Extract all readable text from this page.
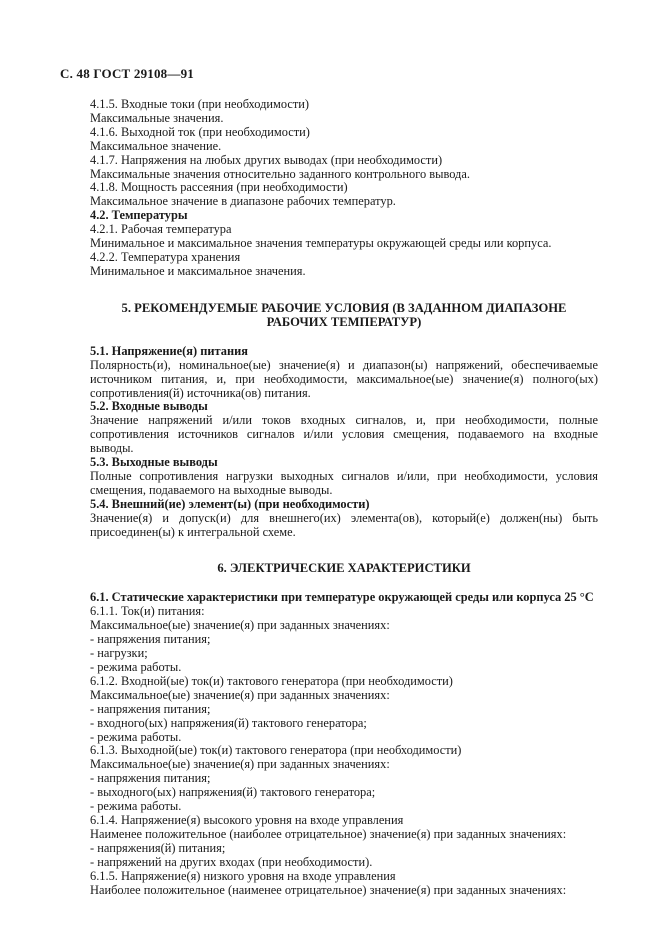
С. 48 ГОСТ 29108—91

4.1.5. Входные токи (при необходимости)

Максимальные значения.

4.1.6. Выходной ток (при необходимости)

Максимальное значение.

4.1.7. Напряжения на любых других выводах (при необходимости)

Максимальные значения относительно заданного контрольного вывода.

4.1.8. Мощность рассеяния (при необходимости)

Максимальное значение в диапазоне рабочих температур.

4.2. Температуры

4.2.1. Рабочая температура

Минимальное и максимальное значения температуры окружающей среды или корпуса.

4.2.2. Температура хранения

Минимальное и максимальное значения.

5. РЕКОМЕНДУЕМЫЕ РАБОЧИЕ УСЛОВИЯ (В ЗАДАННОМ ДИАПАЗОНЕ

РАБОЧИХ ТЕМПЕРАТУР)

5.1. Напряжение(я) питания

Полярность(и), номинальное(ые) значение(я) и диапазон(ы) напряжений, обеспечиваемые источником питания, и, при необходимости, максимальное(ые) значение(я) полного(ых) сопротивления(й) источника(ов) питания.

5.2. Входные выводы

Значение напряжений и/или токов входных сигналов, и, при необходимости, полные сопротивления источников сигналов и/или условия смещения, подаваемого на входные выводы.

5.3. Выходные выводы

Полные сопротивления нагрузки выходных сигналов и/или, при необходимости, условия смещения, подаваемого на выходные выводы.

5.4. Внешний(ие) элемент(ы) (при необходимости)

Значение(я) и допуск(и) для внешнего(их) элемента(ов), который(е) должен(ны) быть присоединен(ы) к интегральной схеме.

6. ЭЛЕКТРИЧЕСКИЕ ХАРАКТЕРИСТИКИ

6.1. Статические характеристики при температуре окружающей среды или корпуса 25 °С

6.1.1. Ток(и) питания:

Максимальное(ые) значение(я) при заданных значениях:

- напряжения питания;

- нагрузки;

- режима работы.

6.1.2. Входной(ые) ток(и) тактового генератора (при необходимости)

Максимальное(ые) значение(я) при заданных значениях:

- напряжения питания;

- входного(ых) напряжения(й) тактового генератора;

- режима работы.

6.1.3. Выходной(ые) ток(и) тактового генератора (при необходимости)

Максимальное(ые) значение(я) при заданных значениях:

- напряжения питания;

- выходного(ых) напряжения(й) тактового генератора;

- режима работы.

6.1.4. Напряжение(я) высокого уровня на входе управления

Наименее положительное (наиболее отрицательное) значение(я) при заданных значениях:

- напряжения(й) питания;

- напряжений на других входах (при необходимости).

6.1.5. Напряжение(я) низкого уровня на входе управления

Наиболее положительное (наименее отрицательное) значение(я) при заданных значениях:
